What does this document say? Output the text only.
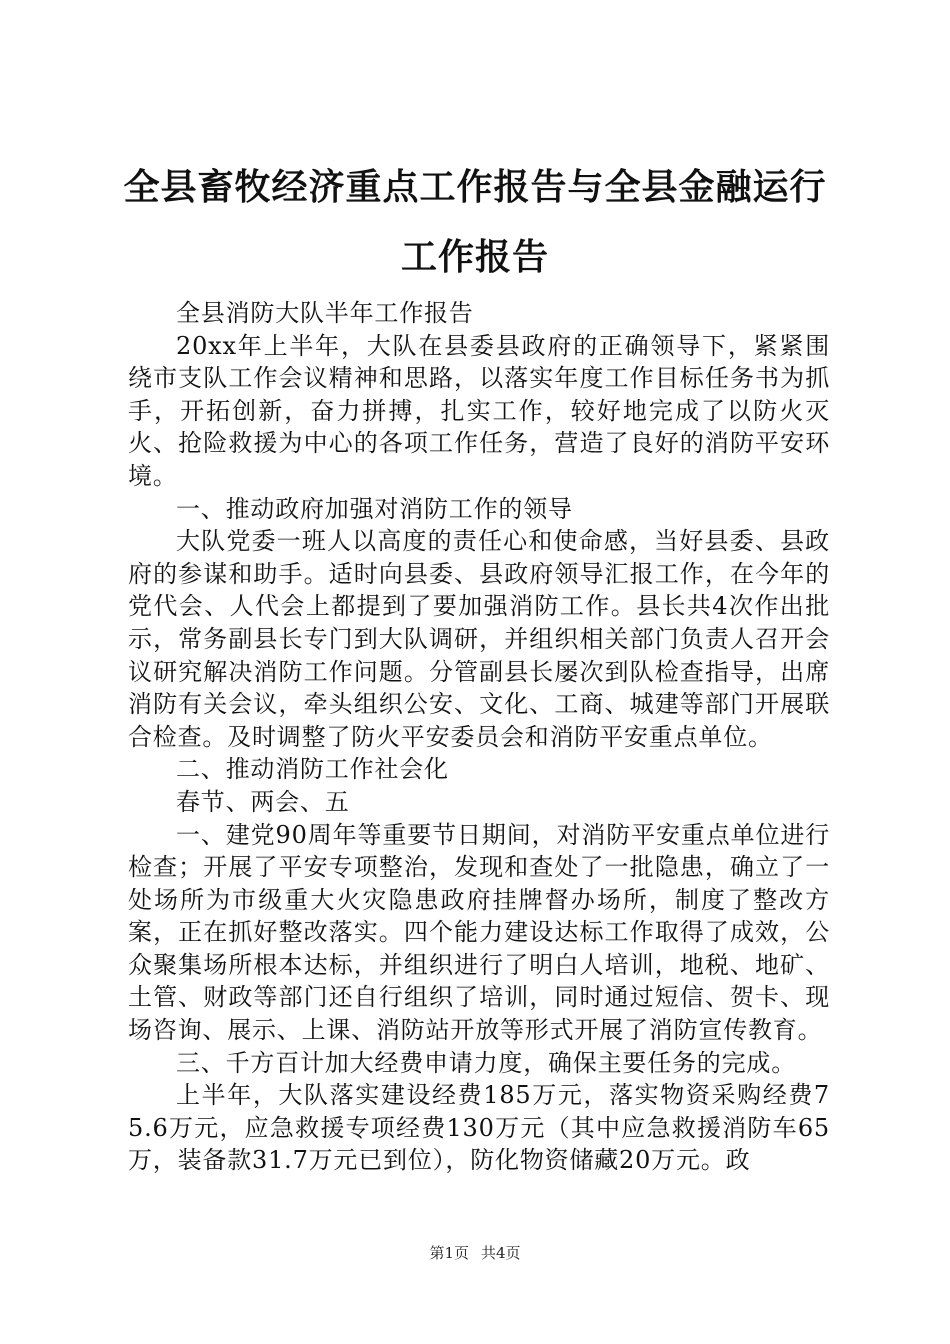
全县畜牧经济重点工作报告与全县金融运行工作报告

全县消防大队半年工作报告

20xx年上半年，大队在县委县政府的正确领导下，紧紧围绕市支队工作会议精神和思路，以落实年度工作目标任务书为抓手，开拓创新，奋力拼搏，扎实工作，较好地完成了以防火灭火、抢险救援为中心的各项工作任务，营造了良好的消防平安环境。

一、推动政府加强对消防工作的领导

大队党委一班人以高度的责任心和使命感，当好县委、县政府的参谋和助手。适时向县委、县政府领导汇报工作，在今年的党代会、人代会上都提到了要加强消防工作。县长共4次作出批示，常务副县长专门到大队调研，并组织相关部门负责人召开会议研究解决消防工作问题。分管副县长屡次到队检查指导，出席消防有关会议，牵头组织公安、文化、工商、城建等部门开展联合检查。及时调整了防火平安委员会和消防平安重点单位。

二、推动消防工作社会化

春节、两会、五

一、建党90周年等重要节日期间，对消防平安重点单位进行检查；开展了平安专项整治，发现和查处了一批隐患，确立了一处场所为市级重大火灾隐患政府挂牌督办场所，制度了整改方案，正在抓好整改落实。四个能力建设达标工作取得了成效，公众聚集场所根本达标，并组织进行了明白人培训，地税、地矿、土管、财政等部门还自行组织了培训，同时通过短信、贺卡、现场咨询、展示、上课、消防站开放等形式开展了消防宣传教育。

三、千方百计加大经费申请力度，确保主要任务的完成。

上半年，大队落实建设经费185万元，落实物资采购经费75.6万元，应急救援专项经费130万元（其中应急救援消防车65万，装备款31.7万元已到位），防化物资储藏20万元。政

第1页 共4页
